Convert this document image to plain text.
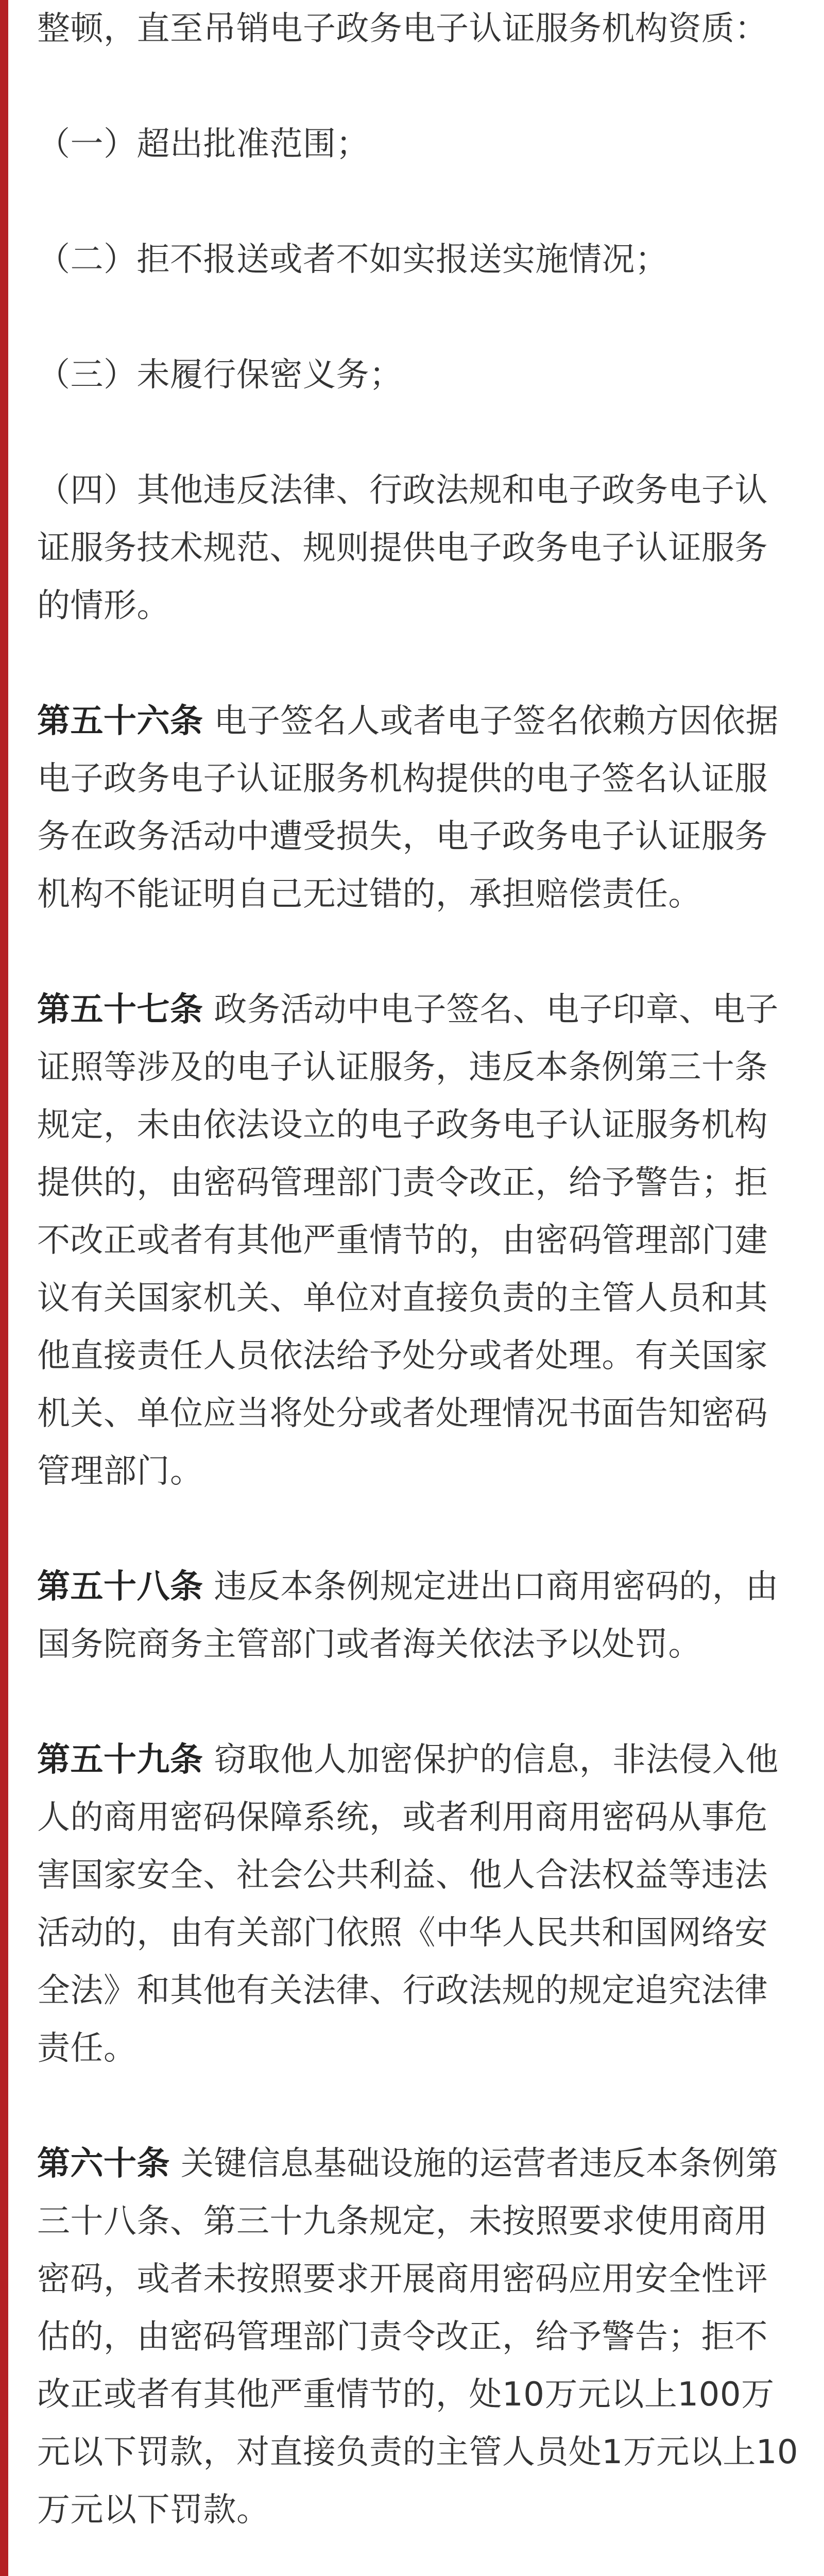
整顿，直至吊销电子政务电子认证服务机构资质：

（一）超出批准范围；

（二）拒不报送或者不如实报送实施情况；

（三）未履行保密义务；

（四）其他违反法律、行政法规和电子政务电子认证服务技术规范、规则提供电子政务电子认证服务的情形。

第五十六条 电子签名人或者电子签名依赖方因依据电子政务电子认证服务机构提供的电子签名认证服务在政务活动中遭受损失，电子政务电子认证服务机构不能证明自己无过错的，承担赔偿责任。

第五十七条 政务活动中电子签名、电子印章、电子证照等涉及的电子认证服务，违反本条例第三十条规定，未由依法设立的电子政务电子认证服务机构提供的，由密码管理部门责令改正，给予警告；拒不改正或者有其他严重情节的，由密码管理部门建议有关国家机关、单位对直接负责的主管人员和其他直接责任人员依法给予处分或者处理。有关国家机关、单位应当将处分或者处理情况书面告知密码管理部门。

第五十八条 违反本条例规定进出口商用密码的，由国务院商务主管部门或者海关依法予以处罚。

第五十九条 窃取他人加密保护的信息，非法侵入他人的商用密码保障系统，或者利用商用密码从事危害国家安全、社会公共利益、他人合法权益等违法活动的，由有关部门依照《中华人民共和国网络安全法》和其他有关法律、行政法规的规定追究法律责任。

第六十条 关键信息基础设施的运营者违反本条例第三十八条、第三十九条规定，未按照要求使用商用密码，或者未按照要求开展商用密码应用安全性评估的，由密码管理部门责令改正，给予警告；拒不改正或者有其他严重情节的，处10万元以上100万元以下罚款，对直接负责的主管人员处1万元以上10万元以下罚款。
